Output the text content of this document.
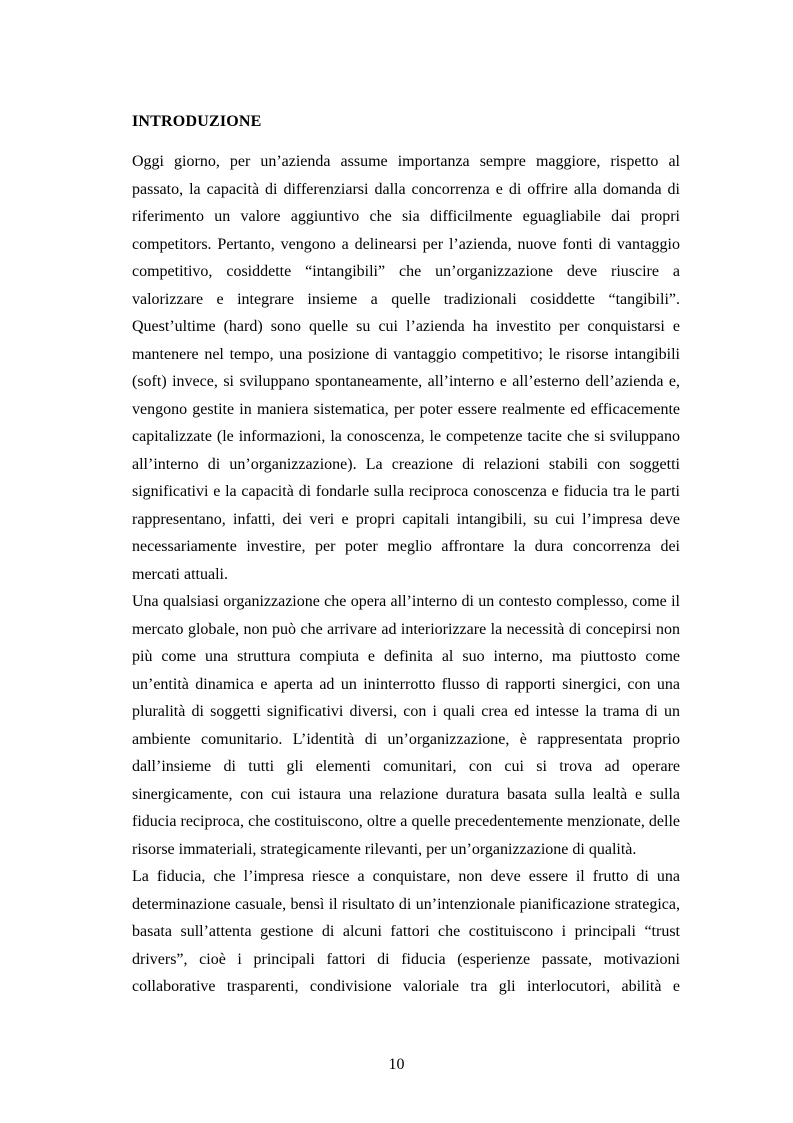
INTRODUZIONE
Oggi giorno, per un’azienda assume importanza sempre maggiore, rispetto al
passato, la capacità di differenziarsi dalla concorrenza e di offrire alla domanda di
riferimento un valore aggiuntivo che sia difficilmente eguagliabile dai propri
competitors. Pertanto, vengono a delinearsi per l’azienda, nuove fonti di vantaggio
competitivo, cosiddette “intangibili” che un’organizzazione deve riuscire a
valorizzare e integrare insieme a quelle tradizionali cosiddette “tangibili”.
Quest’ultime (hard) sono quelle su cui l’azienda ha investito per conquistarsi e
mantenere nel tempo, una posizione di vantaggio competitivo; le risorse intangibili
(soft) invece, si sviluppano spontaneamente, all’interno e all’esterno dell’azienda e,
vengono gestite in maniera sistematica, per poter essere realmente ed efficacemente
capitalizzate (le informazioni, la conoscenza, le competenze tacite che si sviluppano
all’interno di un’organizzazione). La creazione di relazioni stabili con soggetti
significativi e la capacità di fondarle sulla reciproca conoscenza e fiducia tra le parti
rappresentano, infatti, dei veri e propri capitali intangibili, su cui l’impresa deve
necessariamente investire, per poter meglio affrontare la dura concorrenza dei
mercati attuali.
Una qualsiasi organizzazione che opera all’interno di un contesto complesso, come il
mercato globale, non può che arrivare ad interiorizzare la necessità di concepirsi non
più come una struttura compiuta e definita al suo interno, ma piuttosto come
un’entità dinamica e aperta ad un ininterrotto flusso di rapporti sinergici, con una
pluralità di soggetti significativi diversi, con i quali crea ed intesse la trama di un
ambiente comunitario. L’identità di un’organizzazione, è rappresentata proprio
dall’insieme di tutti gli elementi comunitari, con cui si trova ad operare
sinergicamente, con cui istaura una relazione duratura basata sulla lealtà e sulla
fiducia reciproca, che costituiscono, oltre a quelle precedentemente menzionate, delle
risorse immateriali, strategicamente rilevanti, per un’organizzazione di qualità.
La fiducia, che l’impresa riesce a conquistare, non deve essere il frutto di una
determinazione casuale, bensì il risultato di un’intenzionale pianificazione strategica,
basata sull’attenta gestione di alcuni fattori che costituiscono i principali “trust
drivers”, cioè i principali fattori di fiducia (esperienze passate, motivazioni
collaborative trasparenti, condivisione valoriale tra gli interlocutori, abilità e
10
